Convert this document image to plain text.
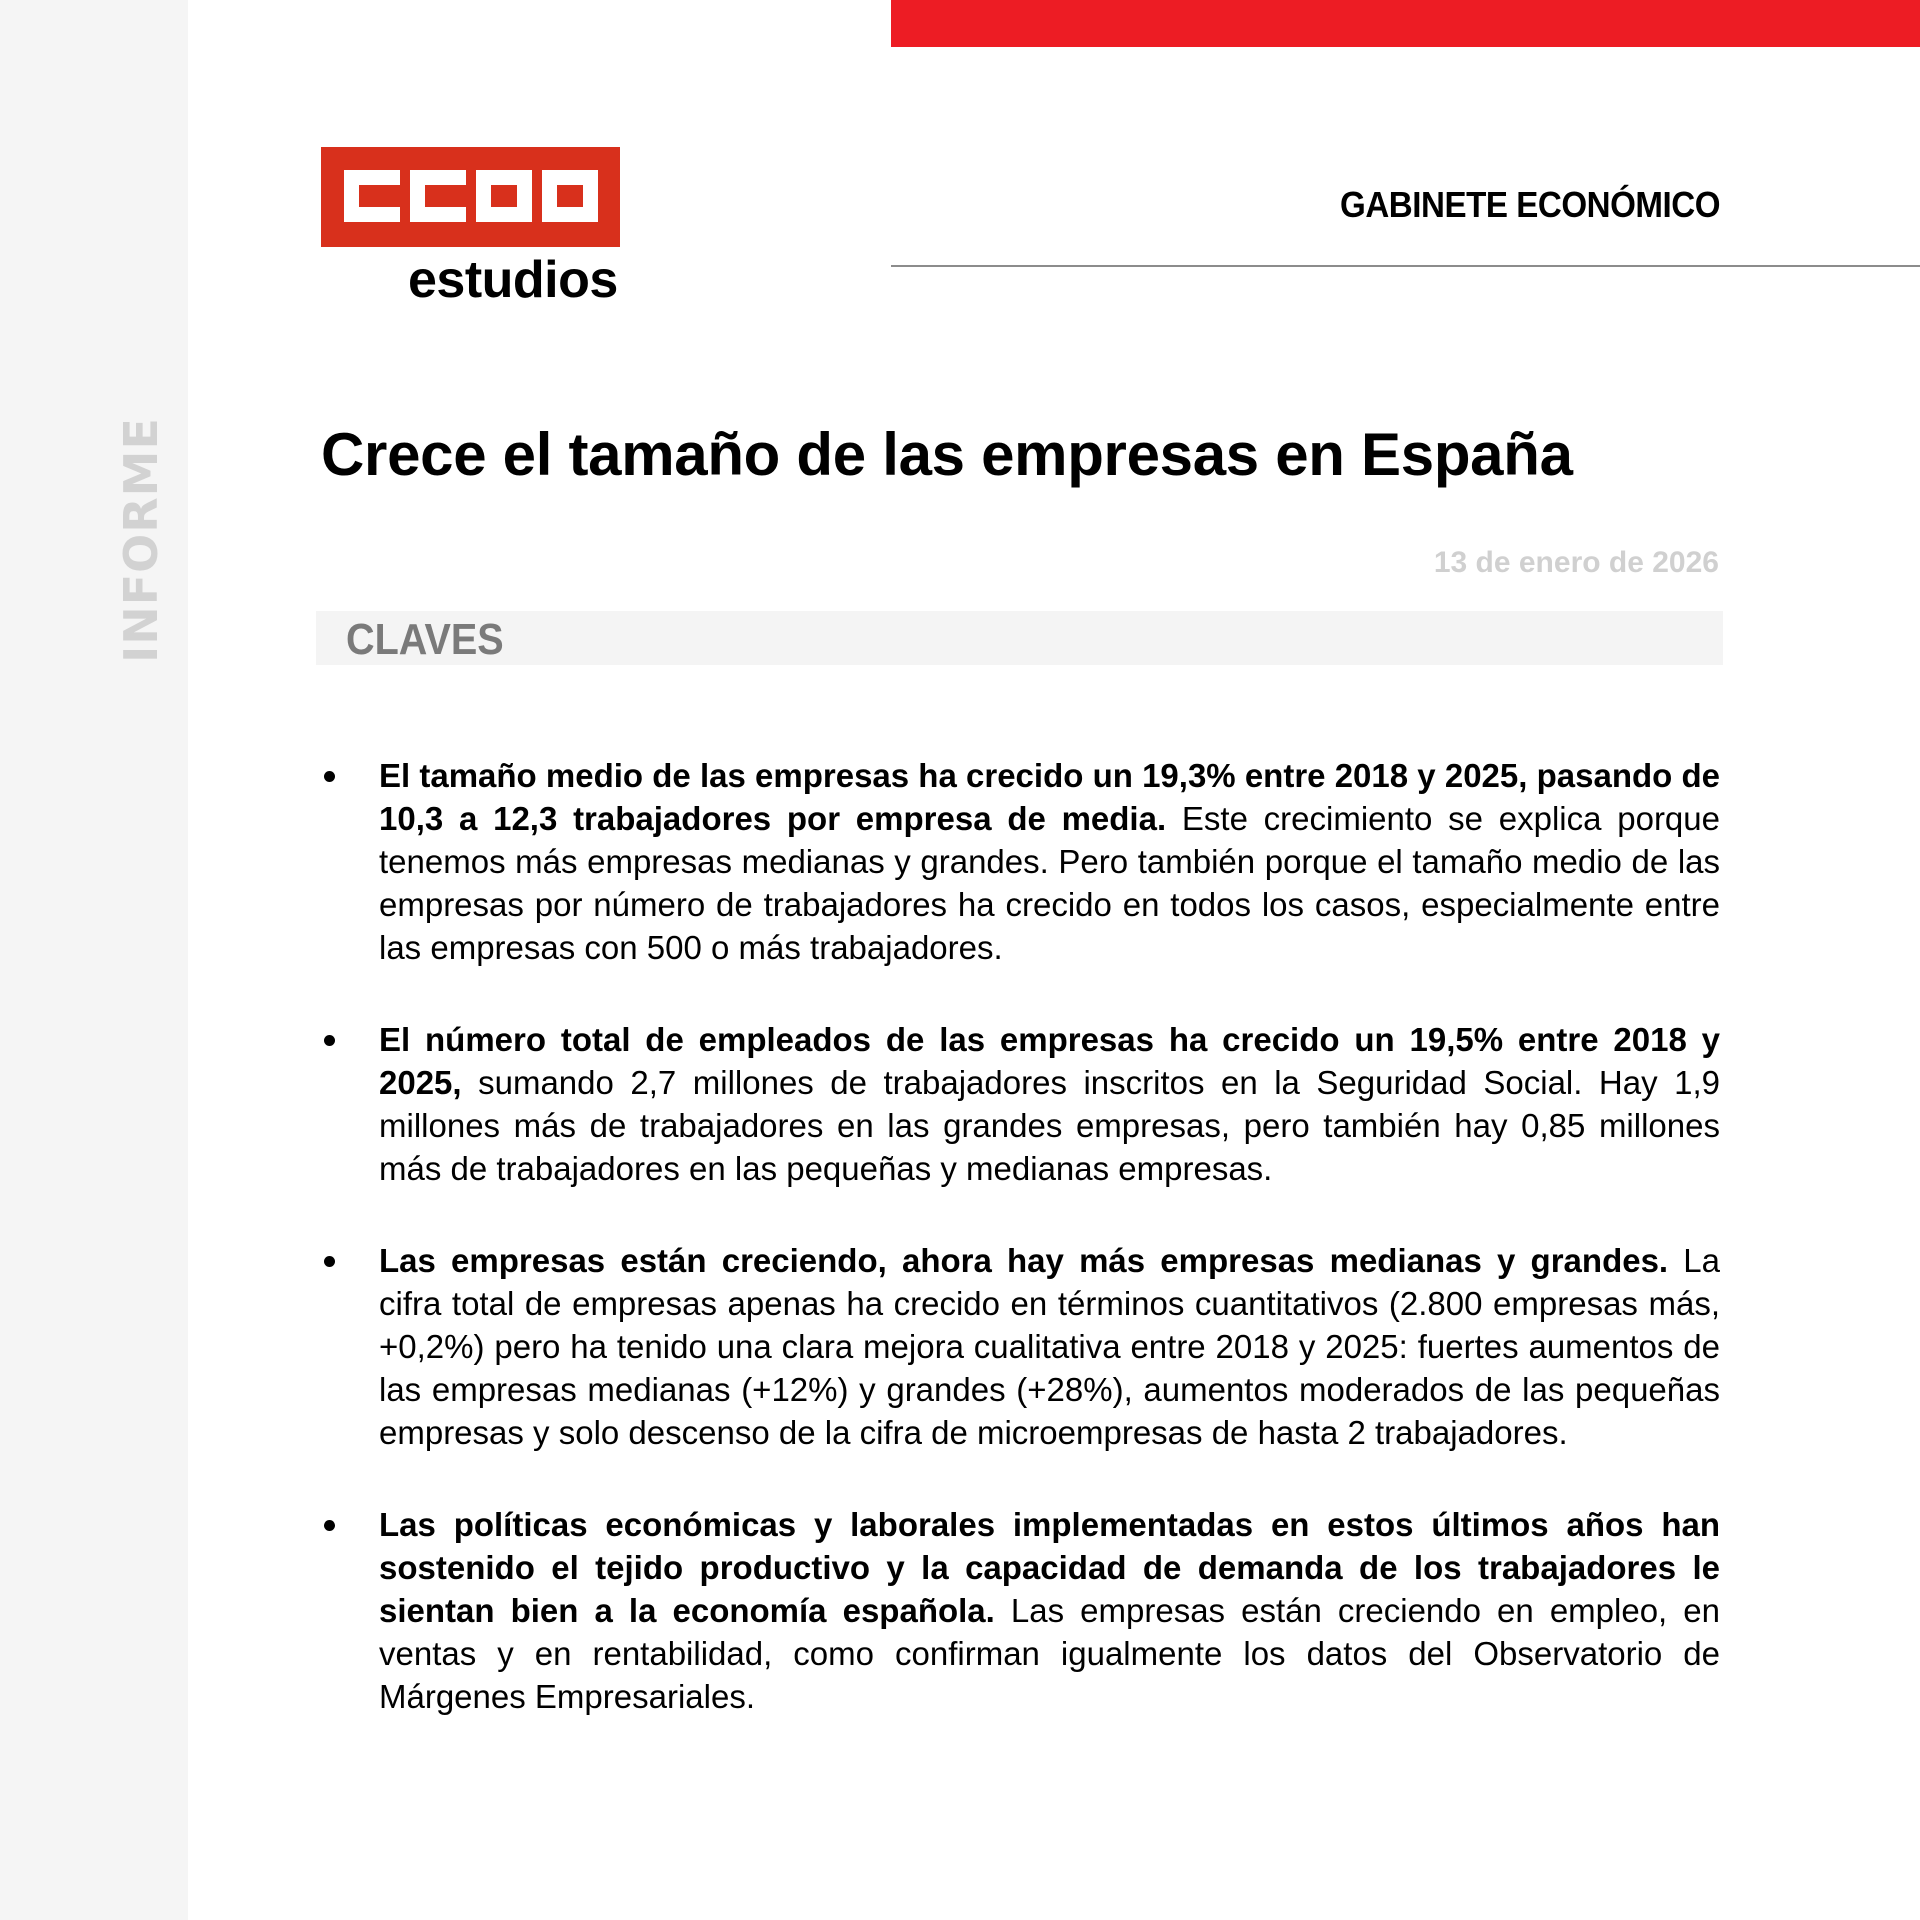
INFORME
estudios
GABINETE ECONÓMICO
Crece el tamaño de las empresas en España
13 de enero de 2026
CLAVES
El tamaño medio de las empresas ha crecido un 19,3% entre 2018 y 2025, pasando de 10,3 a 12,3 trabajadores por empresa de media. Este crecimiento se explica porque tenemos más empresas medianas y grandes. Pero también porque el tamaño medio de las empresas por número de trabajadores ha crecido en todos los casos, especialmente entre las empresas con 500 o más trabajadores.
El número total de empleados de las empresas ha crecido un 19,5% entre 2018 y 2025, sumando 2,7 millones de trabajadores inscritos en la Seguridad Social. Hay 1,9 millones más de trabajadores en las grandes empresas, pero también hay 0,85 millones más de trabajadores en las pequeñas y medianas empresas.
Las empresas están creciendo, ahora hay más empresas medianas y grandes. La cifra total de empresas apenas ha crecido en términos cuantitativos (2.800 empresas más, +0,2%) pero ha tenido una clara mejora cualitativa entre 2018 y 2025: fuertes aumentos de las empresas medianas (+12%) y grandes (+28%), aumentos moderados de las pequeñas empresas y solo descenso de la cifra de microempresas de hasta 2 trabajadores.
Las políticas económicas y laborales implementadas en estos últimos años han sostenido el tejido productivo y la capacidad de demanda de los trabajadores le sientan bien a la economía española. Las empresas están creciendo en empleo, en ventas y en rentabilidad, como confirman igualmente los datos del Observatorio de Márgenes Empresariales.
